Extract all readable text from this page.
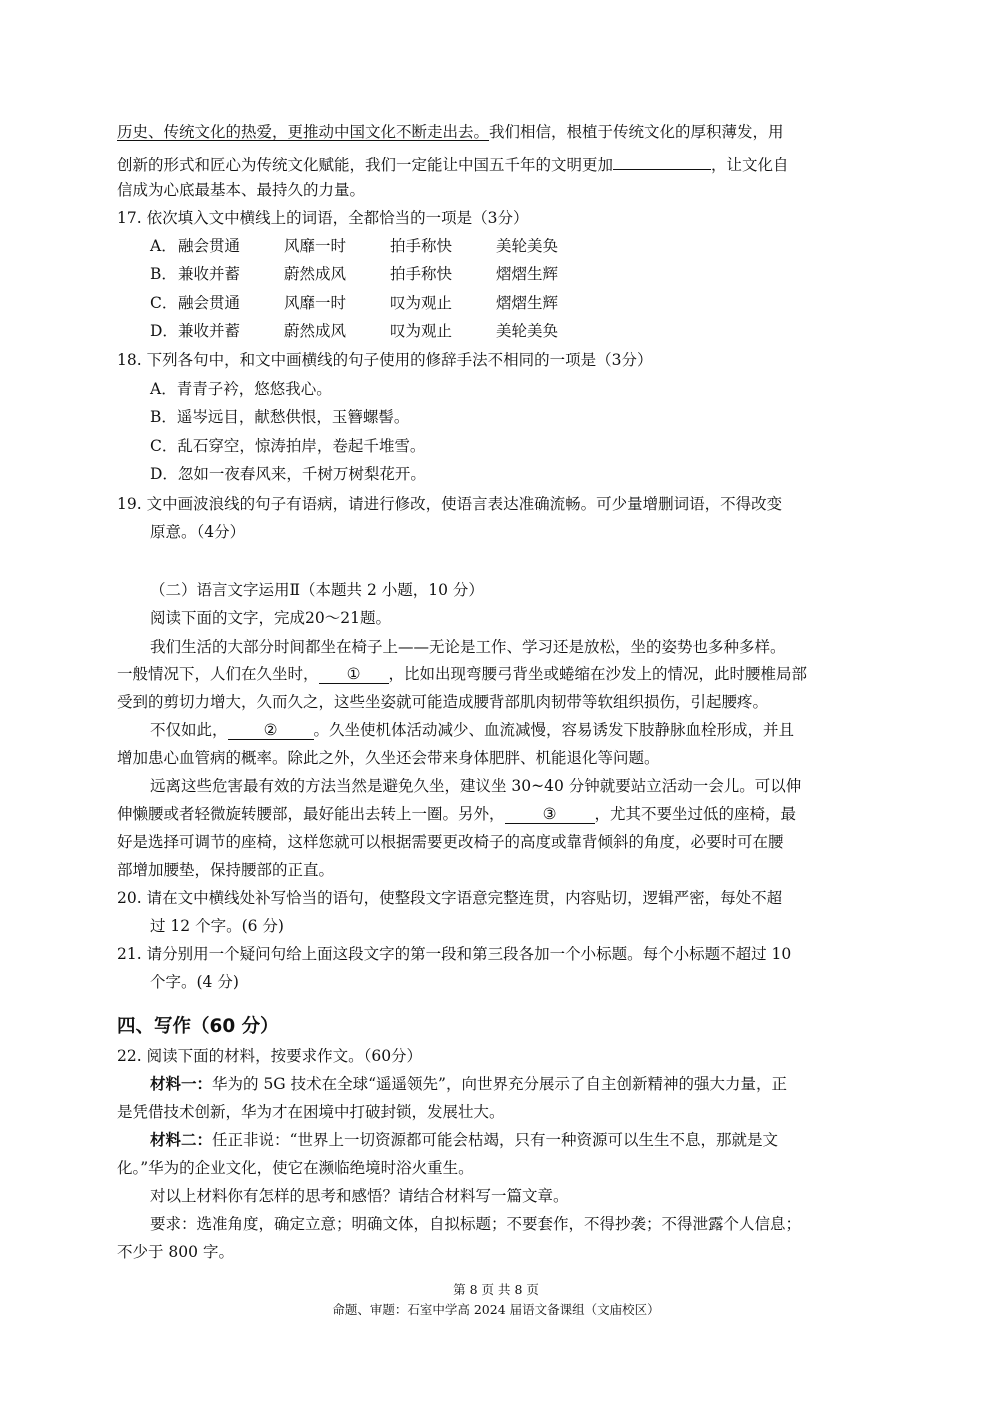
历史、传统文化的热爱，更推动中国文化不断走出去。我们相信，根植于传统文化的厚积薄发，用
创新的形式和匠心为传统文化赋能，我们一定能让中国五千年的文明更加	，让文化自
信成为心底最基本、最持久的力量。
17. 依次填入文中横线上的词语，全都恰当的一项是（3分）
A．融会贯通	风靡一时	拍手称快	美轮美奂
B．兼收并蓄	蔚然成风	拍手称快	熠熠生辉
C．融会贯通	风靡一时	叹为观止	熠熠生辉
D．兼收并蓄	蔚然成风	叹为观止	美轮美奂
18. 下列各句中，和文中画横线的句子使用的修辞手法不相同的一项是（3分）
A．青青子衿，悠悠我心。
B．遥岑远目，献愁供恨，玉簪螺髻。
C．乱石穿空，惊涛拍岸，卷起千堆雪。
D．忽如一夜春风来，千树万树梨花开。
19. 文中画波浪线的句子有语病，请进行修改，使语言表达准确流畅。可少量增删词语，不得改变
原意。（4分）
（二）语言文字运用Ⅱ（本题共 2 小题，10 分）
阅读下面的文字，完成20～21题。
我们生活的大部分时间都坐在椅子上——无论是工作、学习还是放松，坐的姿势也多种多样。
一般情况下，人们在久坐时， ① ，比如出现弯腰弓背坐或蜷缩在沙发上的情况，此时腰椎局部
受到的剪切力增大，久而久之，这些坐姿就可能造成腰背部肌肉韧带等软组织损伤，引起腰疼。
不仅如此， ② 。久坐使机体活动减少、血流减慢，容易诱发下肢静脉血栓形成，并且
增加患心血管病的概率。除此之外，久坐还会带来身体肥胖、机能退化等问题。
远离这些危害最有效的方法当然是避免久坐，建议坐 30~40 分钟就要站立活动一会儿。可以伸
伸懒腰或者轻微旋转腰部，最好能出去转上一圈。另外， ③ ，尤其不要坐过低的座椅，最
好是选择可调节的座椅，这样您就可以根据需要更改椅子的高度或靠背倾斜的角度，必要时可在腰
部增加腰垫，保持腰部的正直。
20. 请在文中横线处补写恰当的语句，使整段文字语意完整连贯，内容贴切，逻辑严密，每处不超
过 12 个字。(6 分)
21. 请分别用一个疑问句给上面这段文字的第一段和第三段各加一个小标题。每个小标题不超过 10
个字。(4 分)
四、写作（60 分）
22. 阅读下面的材料，按要求作文。（60分）
材料一：华为的 5G 技术在全球“遥遥领先”，向世界充分展示了自主创新精神的强大力量，正
是凭借技术创新，华为才在困境中打破封锁，发展壮大。
材料二：任正非说：“世界上一切资源都可能会枯竭，只有一种资源可以生生不息，那就是文
化。”华为的企业文化，使它在濒临绝境时浴火重生。
对以上材料你有怎样的思考和感悟？请结合材料写一篇文章。
要求：选准角度，确定立意；明确文体，自拟标题；不要套作，不得抄袭；不得泄露个人信息；
不少于 800 字。
第 8 页 共 8 页
命题、审题：石室中学高 2024 届语文备课组（文庙校区）
